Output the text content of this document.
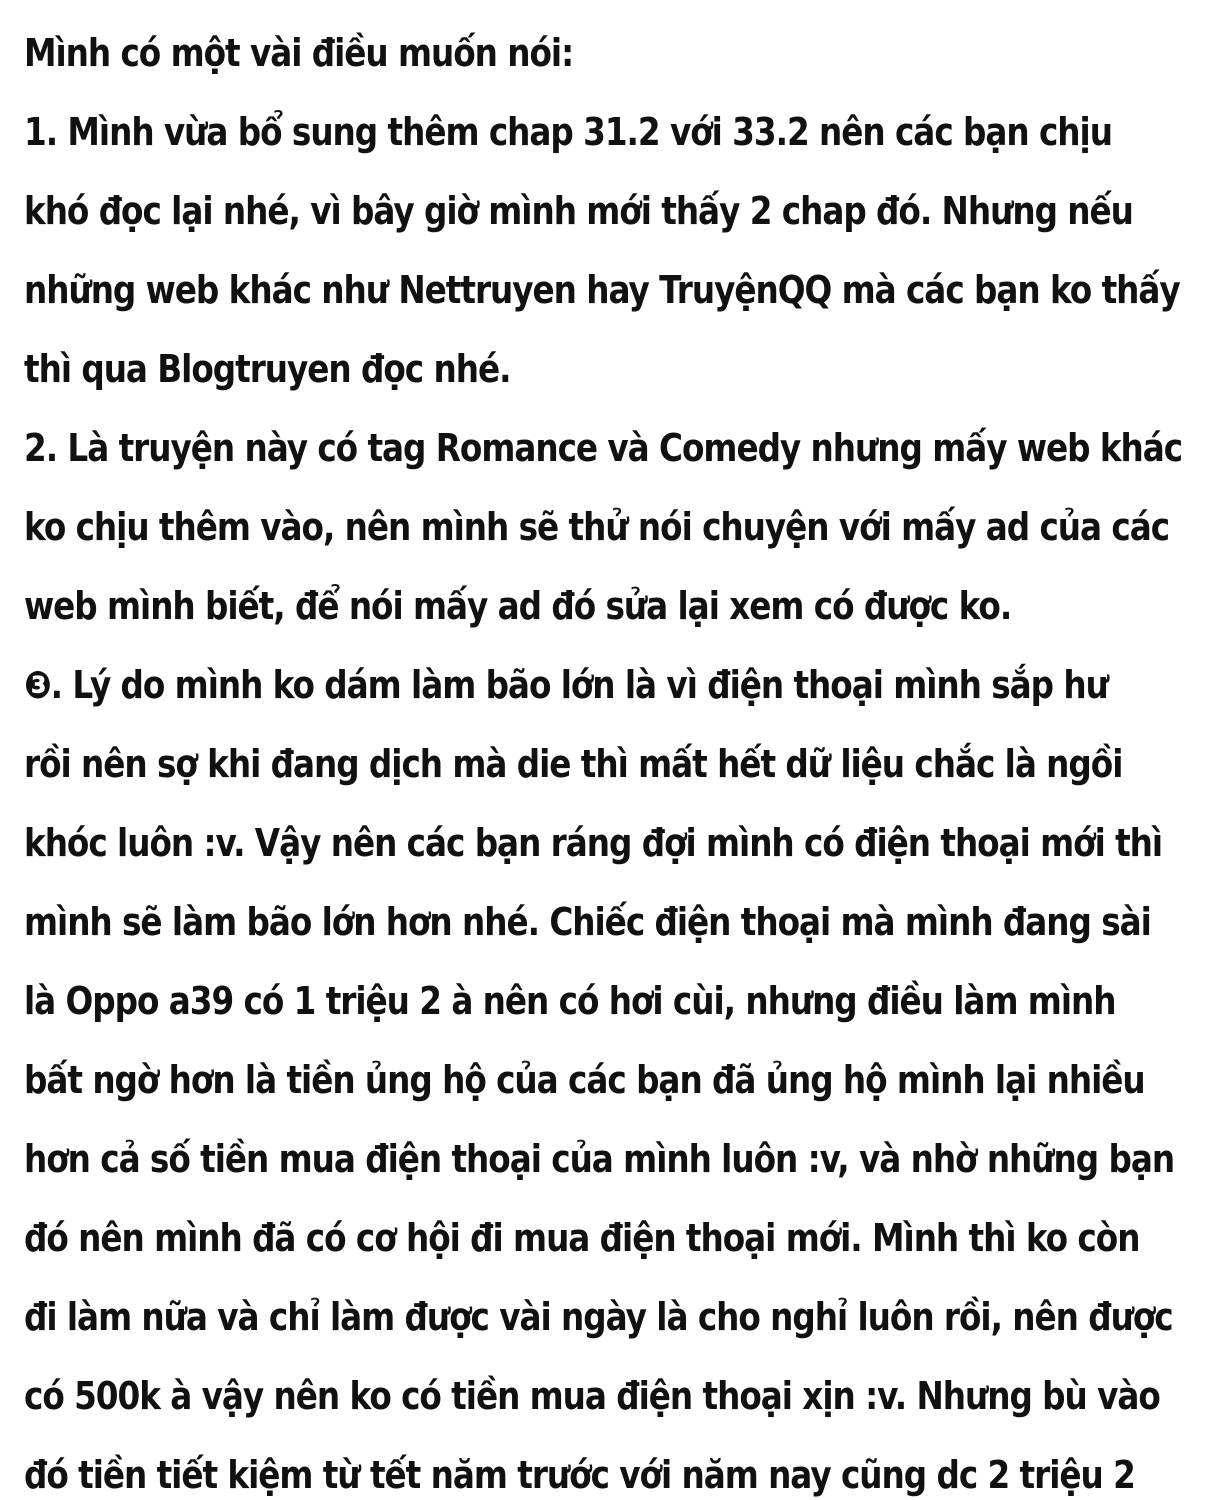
Mình có một vài điều muốn nói:
1. Mình vừa bổ sung thêm chap 31.2 với 33.2 nên các bạn chịu
khó đọc lại nhé, vì bây giờ mình mới thấy 2 chap đó. Nhưng nếu
những web khác như Nettruyen hay TruyệnQQ mà các bạn ko thấy
thì qua Blogtruyen đọc nhé.
2. Là truyện này có tag Romance và Comedy nhưng mấy web khác
ko chịu thêm vào, nên mình sẽ thử nói chuyện với mấy ad của các
web mình biết, để nói mấy ad đó sửa lại xem có được ko.
❸. Lý do mình ko dám làm bão lớn là vì điện thoại mình sắp hư
rồi nên sợ khi đang dịch mà die thì mất hết dữ liệu chắc là ngồi
khóc luôn :v. Vậy nên các bạn ráng đợi mình có điện thoại mới thì
mình sẽ làm bão lớn hơn nhé. Chiếc điện thoại mà mình đang sài
là Oppo a39 có 1 triệu 2 à nên có hơi cùi, nhưng điều làm mình
bất ngờ hơn là tiền ủng hộ của các bạn đã ủng hộ mình lại nhiều
hơn cả số tiền mua điện thoại của mình luôn :v, và nhờ những bạn
đó nên mình đã có cơ hội đi mua điện thoại mới. Mình thì ko còn
đi làm nữa và chỉ làm được vài ngày là cho nghỉ luôn rồi, nên được
có 500k à vậy nên ko có tiền mua điện thoại xịn :v. Nhưng bù vào
đó tiền tiết kiệm từ tết năm trước với năm nay cũng dc 2 triệu 2
